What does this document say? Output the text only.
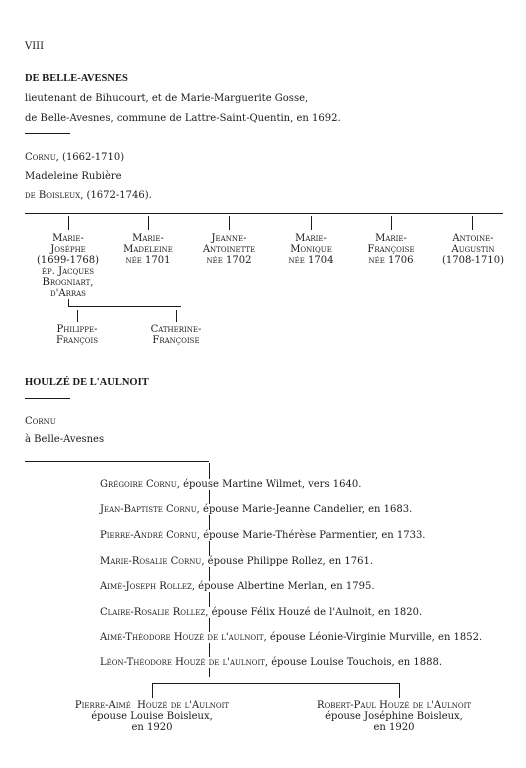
VIII
DE BELLE-AVESNES
lieutenant de Bihucourt, et de Marie-Marguerite Gosse,
de Belle-Avesnes, commune de Lattre-Saint-Quentin, en 1692.
Cornu, (1662-1710)
Madeleine Rubière
de Boisleux, (1672-1746).
Marie-
Josèphe
(1699-1768)
ép. Jacques
Brogniart,
d'Arras
Marie-
Madeleine
née 1701
Jeanne-
Antoinette
née 1702
Marie-
Monique
née 1704
Marie-
Françoise
née 1706
Antoine-
Augustin
(1708-1710)
Philippe-
François
Catherine-
Françoise
HOULZÉ DE L'AULNOIT
Cornu
à Belle-Avesnes
Grégoire Cornu, épouse Martine Wilmet, vers 1640.
Jean-Baptiste Cornu, épouse Marie-Jeanne Candelier, en 1683.
Pierre-André Cornu, épouse Marie-Thérèse Parmentier, en 1733.
Marie-Rosalie Cornu, épouse Philippe Rollez, en 1761.
Aimé-Joseph Rollez, épouse Albertine Merlan, en 1795.
Claire-Rosalie Rollez, épouse Félix Houzé de l'Aulnoit, en 1820.
Aimé-Théodore Houzé de l'aulnoit, épouse Léonie-Virginie Murville, en 1852.
Léon-Théodore Houzé de l'aulnoit, épouse Louise Touchois, en 1888.
Pierre-Aimé  Houzé de l'Aulnoit
épouse Louise Boisleux,
en 1920
Robert-Paul Houzé de l'Aulnoit
épouse Joséphine Boisleux,
en 1920
